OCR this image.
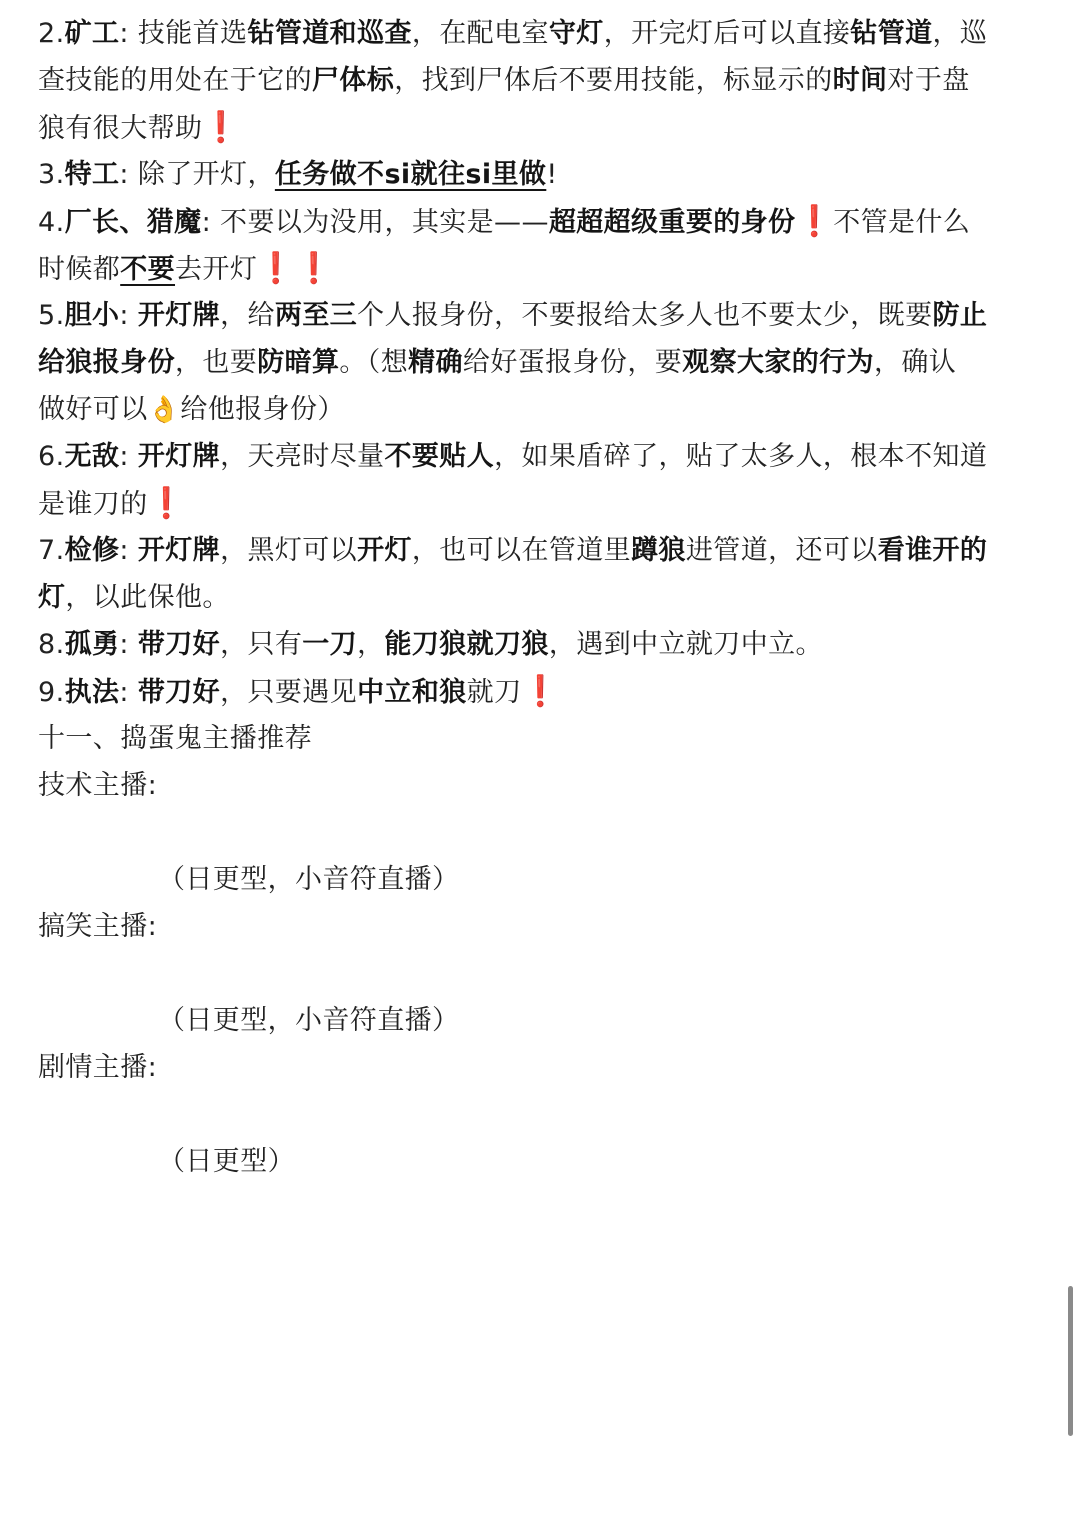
2.矿工: 技能首选钻管道和巡查，在配电室守灯，开完灯后可以直接钻管道，巡
查技能的用处在于它的尸体标，找到尸体后不要用技能，标显示的时间对于盘
狼有很大帮助❗
3.特工: 除了开灯，任务做不si就往si里做!
4.厂长、猎魔: 不要以为没用，其实是——超超超级重要的身份❗不管是什么
时候都不要去开灯❗❗
5.胆小: 开灯牌，给两至三个人报身份，不要报给太多人也不要太少，既要防止
给狼报身份，也要防暗算。（想精确给好蛋报身份，要观察大家的行为，确认
做好可以👌给他报身份）
6.无敌: 开灯牌，天亮时尽量不要贴人，如果盾碎了，贴了太多人，根本不知道
是谁刀的❗
7.检修: 开灯牌，黑灯可以开灯，也可以在管道里蹲狼进管道，还可以看谁开的
灯，以此保他。
8.孤勇: 带刀好，只有一刀，能刀狼就刀狼，遇到中立就刀中立。
9.执法: 带刀好，只要遇见中立和狼就刀❗
十一、捣蛋鬼主播推荐
技术主播:
（日更型，小音符直播）
搞笑主播:
（日更型，小音符直播）
剧情主播:
（日更型）
